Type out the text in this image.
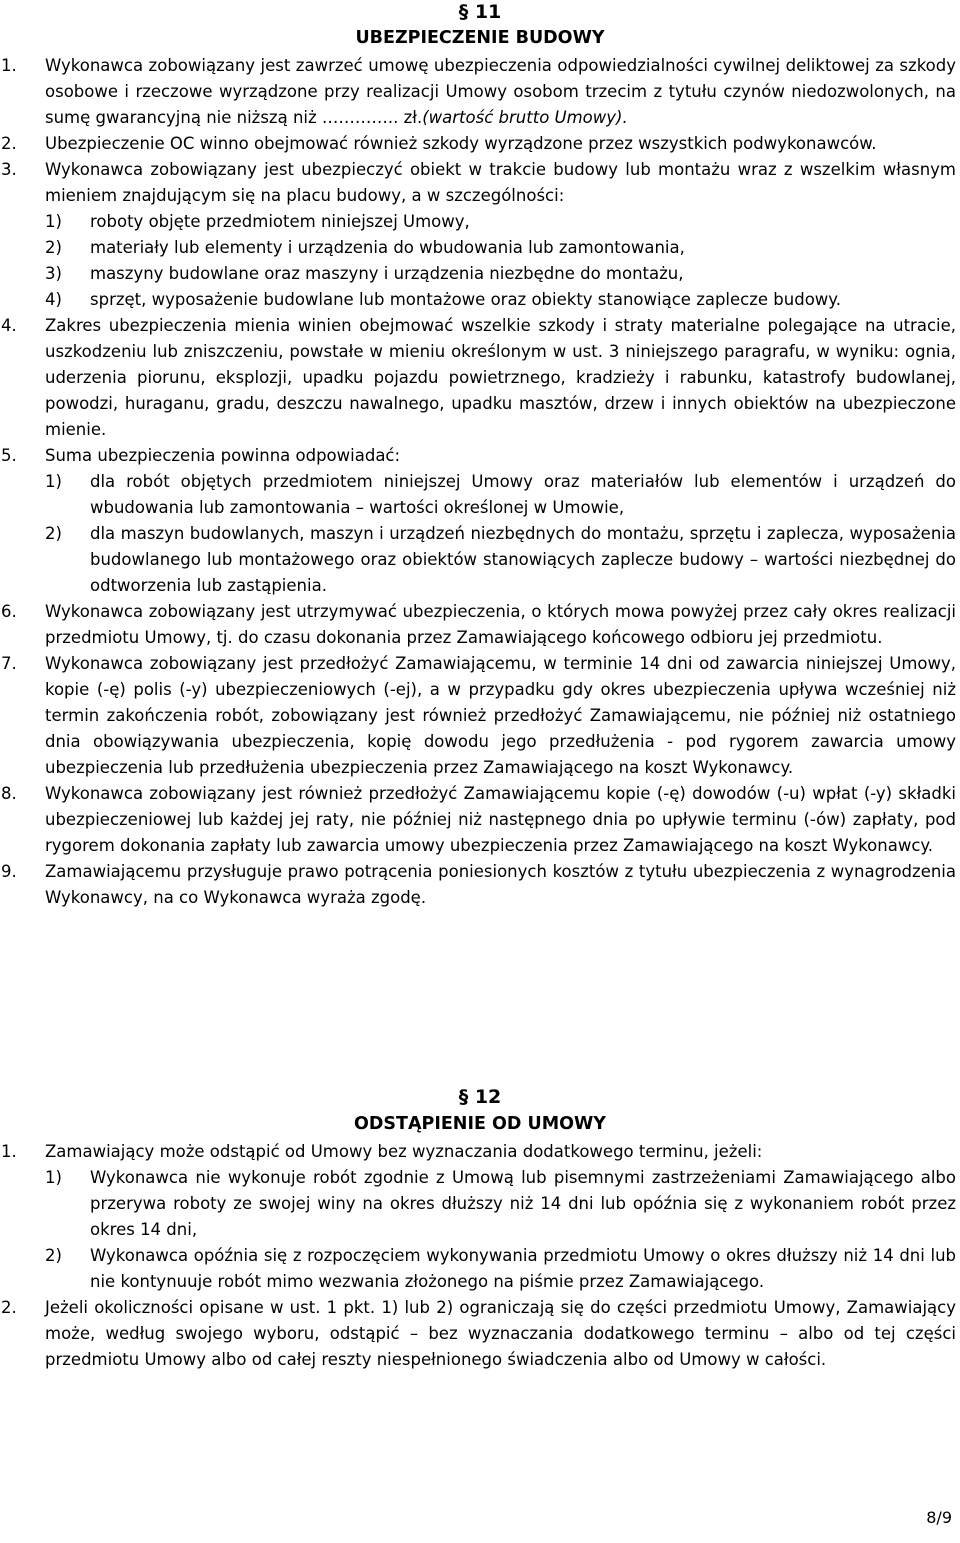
§ 11
UBEZPIECZENIE BUDOWY
1. Wykonawca zobowiązany jest zawrzeć umowę ubezpieczenia odpowiedzialności cywilnej deliktowej za szkody osobowe i rzeczowe wyrządzone przy realizacji Umowy osobom trzecim z tytułu czynów niedozwolonych, na sumę gwarancyjną nie niższą niż ………….. zł.(wartość brutto Umowy).
2. Ubezpieczenie OC winno obejmować również szkody wyrządzone przez wszystkich podwykonawców.
3. Wykonawca zobowiązany jest ubezpieczyć obiekt w trakcie budowy lub montażu wraz z wszelkim własnym mieniem znajdującym się na placu budowy, a w szczególności:
1) roboty objęte przedmiotem niniejszej Umowy,
2) materiały lub elementy i urządzenia do wbudowania lub zamontowania,
3) maszyny budowlane oraz maszyny i urządzenia niezbędne do montażu,
4) sprzęt, wyposażenie budowlane lub montażowe oraz obiekty stanowiące zaplecze budowy.
4. Zakres ubezpieczenia mienia winien obejmować wszelkie szkody i straty materialne polegające na utracie, uszkodzeniu lub zniszczeniu, powstałe w mieniu określonym w ust. 3 niniejszego paragrafu, w wyniku: ognia, uderzenia piorunu, eksplozji, upadku pojazdu powietrznego, kradzieży i rabunku, katastrofy budowlanej, powodzi, huraganu, gradu, deszczu nawalnego, upadku masztów, drzew i innych obiektów na ubezpieczone mienie.
5. Suma ubezpieczenia powinna odpowiadać:
1) dla robót objętych przedmiotem niniejszej Umowy oraz materiałów lub elementów i urządzeń do wbudowania lub zamontowania – wartości określonej w Umowie,
2) dla maszyn budowlanych, maszyn i urządzeń niezbędnych do montażu, sprzętu i zaplecza, wyposażenia budowlanego lub montażowego oraz obiektów stanowiących zaplecze budowy – wartości niezbędnej do odtworzenia lub zastąpienia.
6. Wykonawca zobowiązany jest utrzymywać ubezpieczenia, o których mowa powyżej przez cały okres realizacji przedmiotu Umowy, tj. do czasu dokonania przez Zamawiającego końcowego odbioru jej przedmiotu.
7. Wykonawca zobowiązany jest przedłożyć Zamawiającemu, w terminie 14 dni od zawarcia niniejszej Umowy, kopie (-ę) polis (-y) ubezpieczeniowych (-ej), a w przypadku gdy okres ubezpieczenia upływa wcześniej niż termin zakończenia robót, zobowiązany jest również przedłożyć Zamawiającemu, nie później niż ostatniego dnia obowiązywania ubezpieczenia, kopię dowodu jego przedłużenia - pod rygorem zawarcia umowy ubezpieczenia lub przedłużenia ubezpieczenia przez Zamawiającego na koszt Wykonawcy.
8. Wykonawca zobowiązany jest również przedłożyć Zamawiającemu kopie (-ę) dowodów (-u) wpłat (-y) składki ubezpieczeniowej lub każdej jej raty, nie później niż następnego dnia po upływie terminu (-ów) zapłaty, pod rygorem dokonania zapłaty lub zawarcia umowy ubezpieczenia przez Zamawiającego na koszt Wykonawcy.
9. Zamawiającemu przysługuje prawo potrącenia poniesionych kosztów z tytułu ubezpieczenia z wynagrodzenia Wykonawcy, na co Wykonawca wyraża zgodę.
§ 12
ODSTĄPIENIE OD UMOWY
1. Zamawiający może odstąpić od Umowy bez wyznaczania dodatkowego terminu, jeżeli:
1) Wykonawca nie wykonuje robót zgodnie z Umową lub pisemnymi zastrzeżeniami Zamawiającego albo przerywa roboty ze swojej winy na okres dłuższy niż 14 dni lub opóźnia się z wykonaniem robót przez okres 14 dni,
2) Wykonawca opóźnia się z rozpoczęciem wykonywania przedmiotu Umowy o okres dłuższy niż 14 dni lub nie kontynuuje robót mimo wezwania złożonego na piśmie przez Zamawiającego.
2. Jeżeli okoliczności opisane w ust. 1 pkt. 1) lub 2) ograniczają się do części przedmiotu Umowy, Zamawiający może, według swojego wyboru, odstąpić – bez wyznaczania dodatkowego terminu – albo od tej części przedmiotu Umowy albo od całej reszty niespełnionego świadczenia albo od Umowy w całości.
8/9
